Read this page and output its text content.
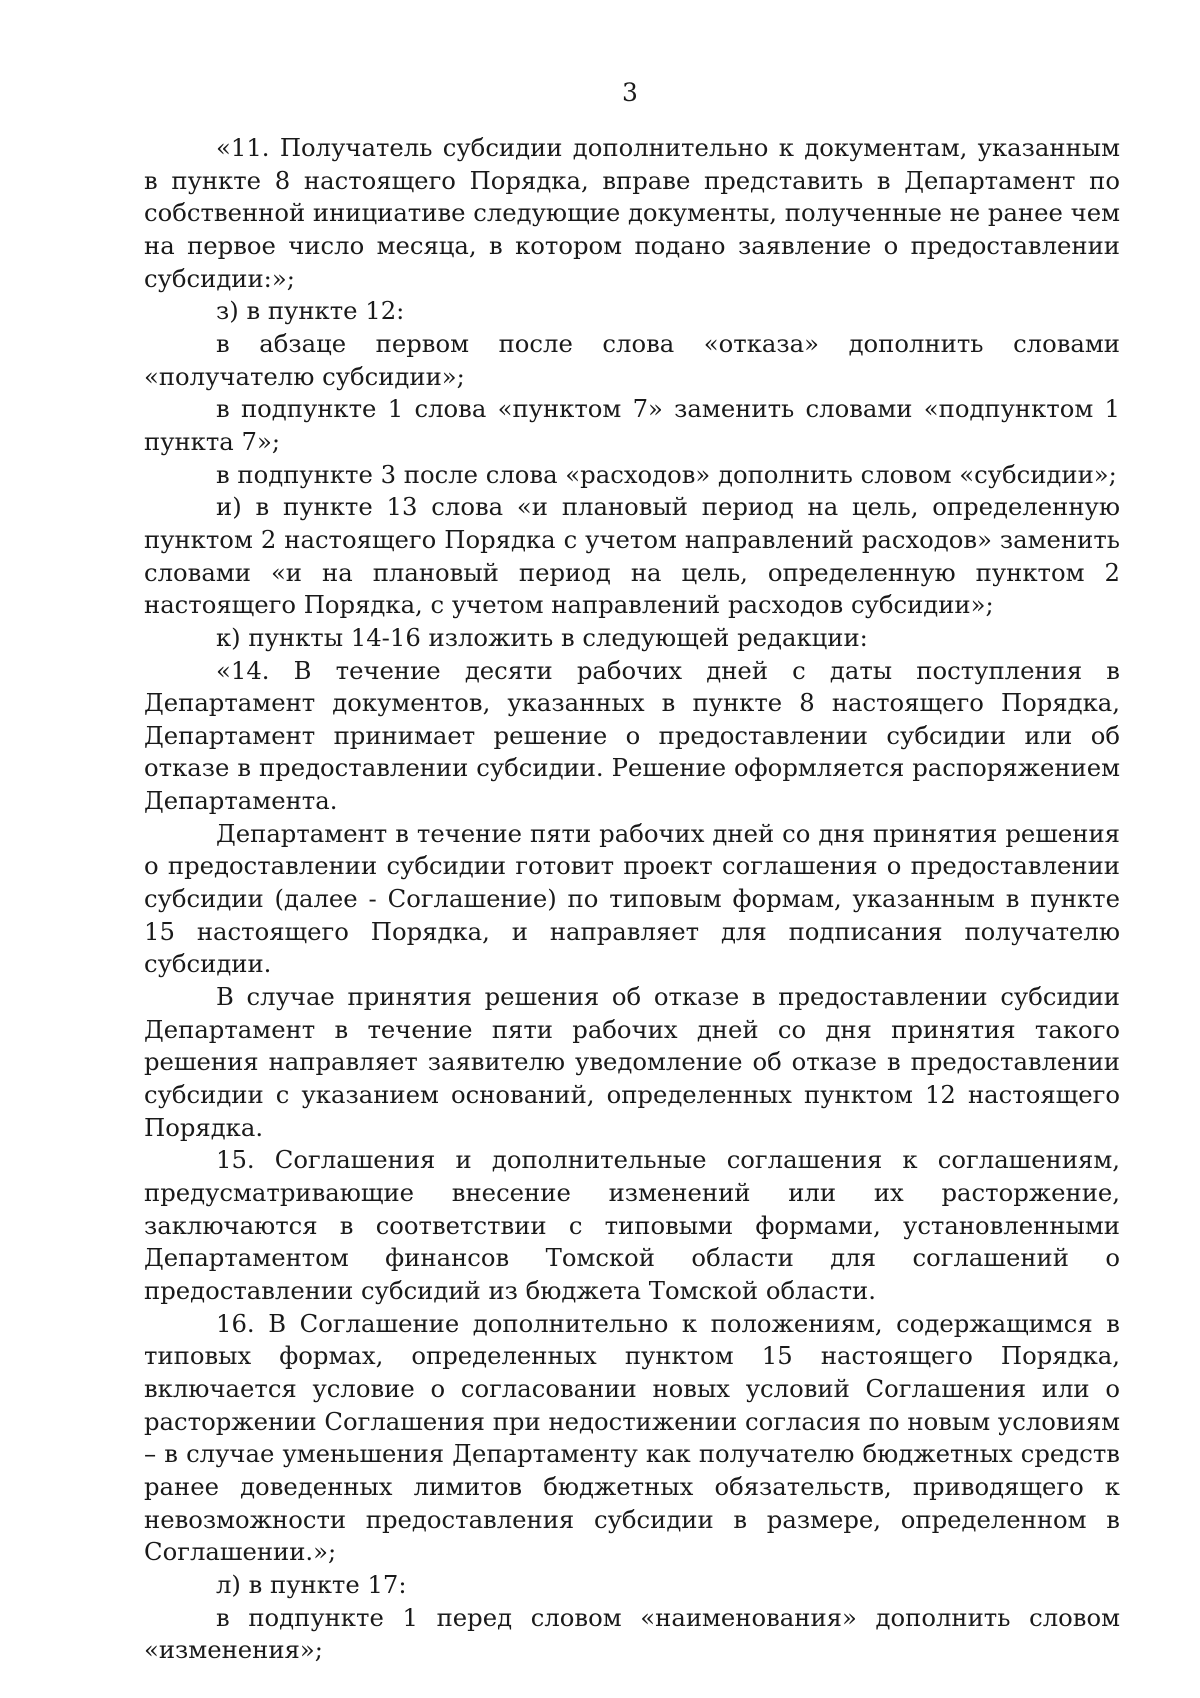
3

«11. Получатель субсидии дополнительно к документам, указанным в пункте 8 настоящего Порядка, вправе представить в Департамент по собственной инициативе следующие документы, полученные не ранее чем на первое число месяца, в котором подано заявление о предоставлении субсидии:»;

з) в пункте 12:

в абзаце первом после слова «отказа» дополнить словами «получателю субсидии»;

в подпункте 1 слова «пунктом 7» заменить словами «подпунктом 1 пункта 7»;

в подпункте 3 после слова «расходов» дополнить словом «субсидии»;

и) в пункте 13 слова «и плановый период на цель, определенную пунктом 2 настоящего Порядка с учетом направлений расходов» заменить словами «и на плановый период на цель, определенную пунктом 2 настоящего Порядка, с учетом направлений расходов субсидии»;

к) пункты 14-16 изложить в следующей редакции:

«14. В течение десяти рабочих дней с даты поступления в Департамент документов, указанных в пункте 8 настоящего Порядка, Департамент принимает решение о предоставлении субсидии или об отказе в предоставлении субсидии. Решение оформляется распоряжением Департамента.

Департамент в течение пяти рабочих дней со дня принятия решения о предоставлении субсидии готовит проект соглашения о предоставлении субсидии (далее - Соглашение) по типовым формам, указанным в пункте 15 настоящего Порядка, и направляет для подписания получателю субсидии.

В случае принятия решения об отказе в предоставлении субсидии Департамент в течение пяти рабочих дней со дня принятия такого решения направляет заявителю уведомление об отказе в предоставлении субсидии с указанием оснований, определенных пунктом 12 настоящего Порядка.

15. Соглашения и дополнительные соглашения к соглашениям, предусматривающие внесение изменений или их расторжение, заключаются в соответствии с типовыми формами, установленными Департаментом финансов Томской области для соглашений о предоставлении субсидий из бюджета Томской области.

16. В Соглашение дополнительно к положениям, содержащимся в типовых формах, определенных пунктом 15 настоящего Порядка, включается условие о согласовании новых условий Соглашения или о расторжении Соглашения при недостижении согласия по новым условиям – в случае уменьшения Департаменту как получателю бюджетных средств ранее доведенных лимитов бюджетных обязательств, приводящего к невозможности предоставления субсидии в размере, определенном в Соглашении.»;

л) в пункте 17:

в подпункте 1 перед словом «наименования» дополнить словом «изменения»;
